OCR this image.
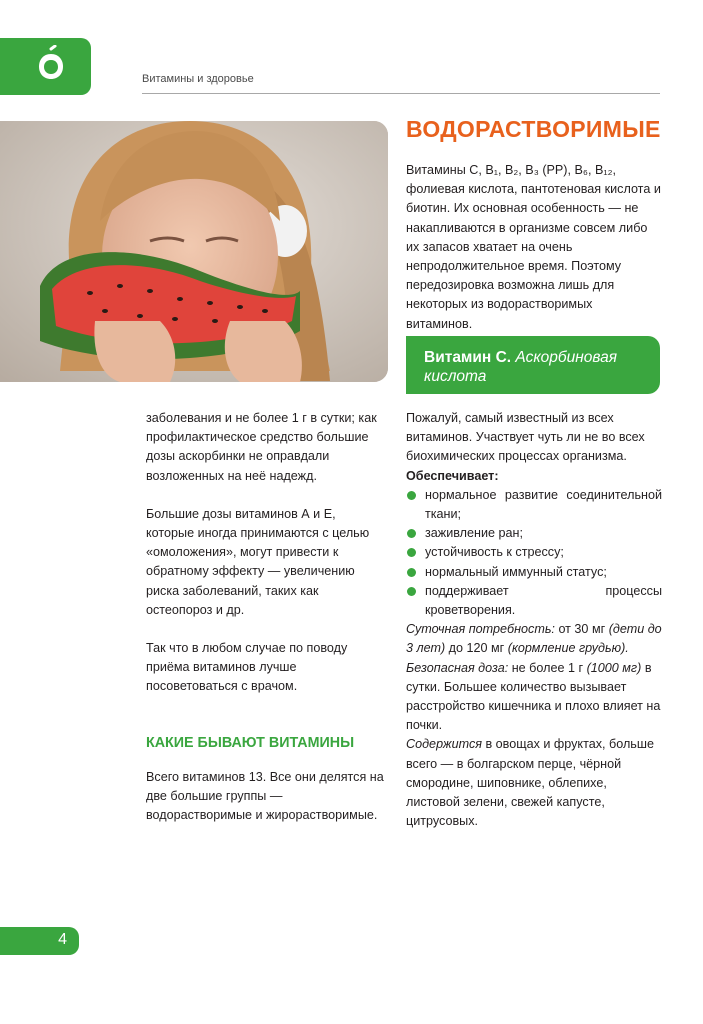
Витамины и здоровье
ВОДОРАСТВОРИМЫЕ
Витамины С, B₁, B₂, B₃ (PP), B₆, B₁₂, фолиевая кислота, пантотеновая кислота и биотин. Их основная особенность — не накапливаются в организме совсем либо их запасов хватает на очень непродолжительное время. Поэтому передозировка возможна лишь для некоторых из водорастворимых витаминов.
Витамин С. Аскорбиновая кислота

заболевания и не более 1 г в сутки; как профилактическое средство большие дозы аскорбинки не оправдали возложенных на неё надежд.

Большие дозы витаминов А и Е, которые иногда принимаются с целью «омоложения», могут привести к обратному эффекту — увеличению риска заболеваний, таких как остеопороз и др.

Так что в любом случае по поводу приёма витаминов лучше посоветоваться с врачом.

КАКИЕ БЫВАЮТ ВИТАМИНЫ
Всего витаминов 13. Все они делятся на две большие группы — водорастворимые и жирорастворимые.

Пожалуй, самый известный из всех витаминов. Участвует чуть ли не во всех биохимических процессах организма.

Обеспечивает:

нормальное развитие соединительной ткани;
заживление ран;
устойчивость к стрессу;
нормальный иммунный статус;
поддерживает процессы кроветворения.

Суточная потребность: от 30 мг (дети до 3 лет) до 120 мг (кормление грудью).

Безопасная доза: не более 1 г (1000 мг) в сутки. Большее количество вызывает расстройство кишечника и плохо влияет на почки.

Содержится в овощах и фруктах, больше всего — в болгарском перце, чёрной смородине, шиповнике, облепихе, листовой зелени, свежей капусте, цитрусовых.

4
